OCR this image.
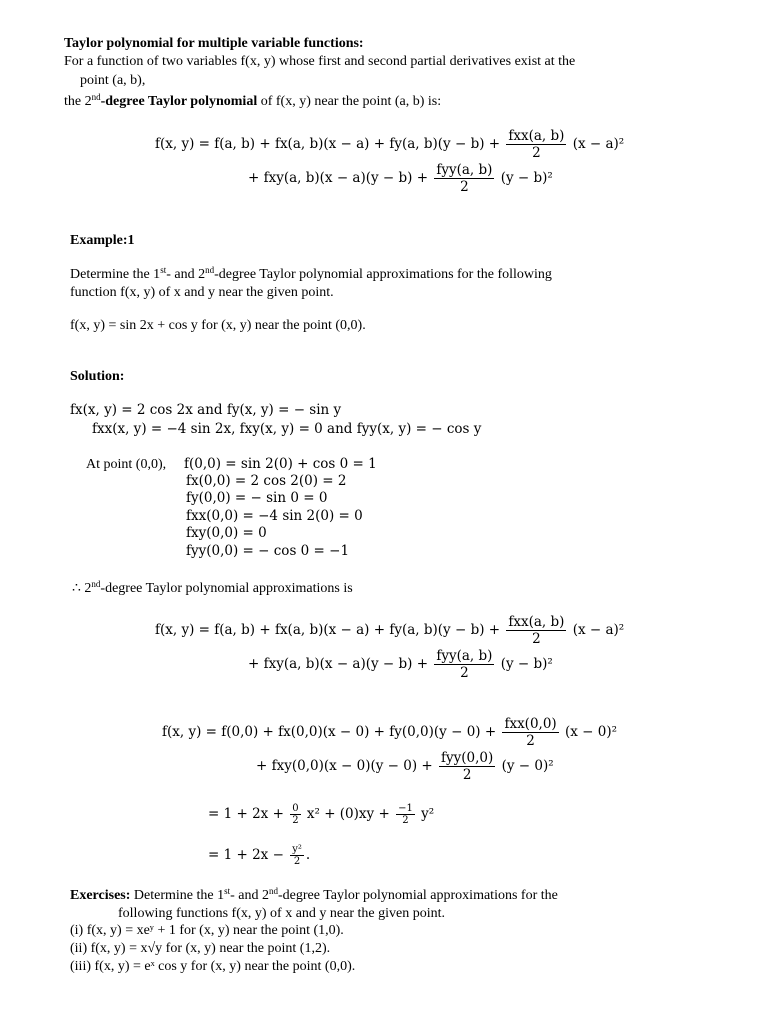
Taylor polynomial for multiple variable functions:
For a function of two variables f(x, y) whose first and second partial derivatives exist at the
point (a, b),
the 2nd-degree Taylor polynomial of f(x, y) near the point (a, b) is:
f(x, y) = f(a, b) + fx(a, b)(x − a) + fy(a, $b)(y - b) + \frac{\text{fxx(a, b)}}{2} (x - a)^2$
+ fxy(a, $b)(x - a)(y - b) + \frac{\text{fyy(a, b)}}{2} (y - b)^2$
Example:1
Determine the 1st- and 2nd-degree Taylor polynomial approximations for the following
function f(x, y) of x and y near the given point.
f(x, y) = sin 2x + cos y for (x, y) near the point (0,0).
Solution:
fx(x, y) = 2 cos 2x and fy(x, y) = − sin y
fxx(x, y) = −4 sin 2x, fxy(x, y) = 0 and fyy(x, y) = − cos y
At point (0,0), f(0,0) = sin 2(0) + cos 0 = 1
fx(0,0) = 2 cos 2(0) = 2
fy(0,0) = − sin 0 = 0
fxx(0,0) = −4 sin 2(0) = 0
fxy(0,0) = 0
fyy(0,0) = − cos 0 = −1
∴ 2nd-degree Taylor polynomial approximations is
f(x, y) = f(a, b) + fx(a, b)(x − a) + fy(a, $b)(y - b) + \frac{\text{fxx(a, b)}}{2} (x - a)^2$
+ fxy(a, $b)(x - a)(y - b) + \frac{\text{fyy(a, b)}}{2} (y - b)^2$
f(x, $y) = f(0,0) + fx(0,0)(x - 0) + fy(0,0)(y - 0) + \frac{\text{fxx(0,0)}}{2} (x - 0)^2$
+ $fxy(0,0)(x - 0)(y - 0) + \frac{\text{fyy(0,0)}}{2} (y - 0)^2$
= $1 + 2x + \frac{0}{2} x^2 + (0)xy + \frac{-1}{2} y^2$
= $1 + 2x - \frac{\text{y²}}{2}$ .
Exercises: Determine the 1st- and 2nd-degree Taylor polynomial approximations for the
following functions f(x, y) of x and y near the given point.
(i) f(x, y) = xeʸ + 1 for (x, y) near the point (1,0).
(ii) f(x, y) = x√y for (x, y) near the point (1,2).
(iii) f(x, y) = eˣ cos y for (x, y) near the point (0,0).
